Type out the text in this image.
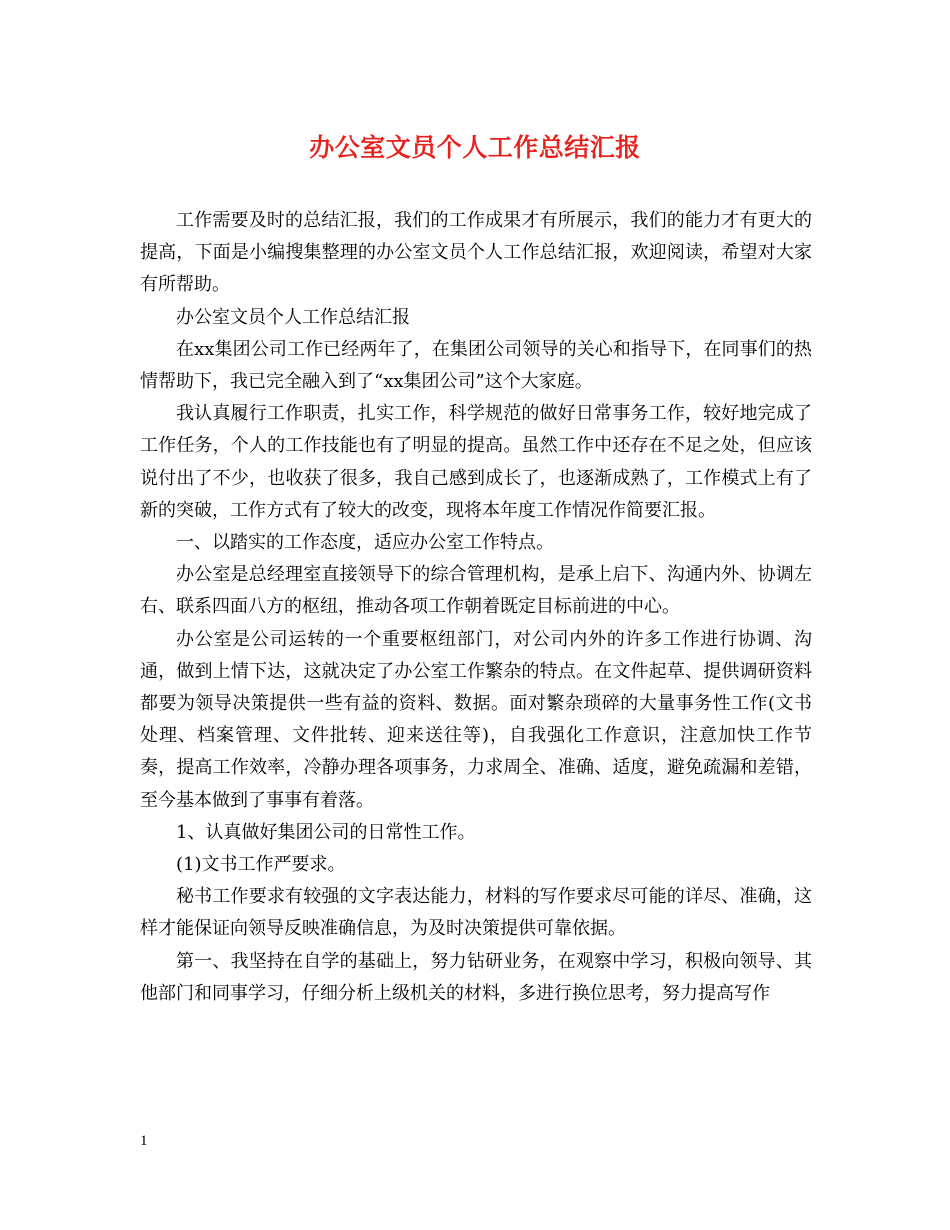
办公室文员个人工作总结汇报

工作需要及时的总结汇报，我们的工作成果才有所展示，我们的能力才有更大的提高，下面是小编搜集整理的办公室文员个人工作总结汇报，欢迎阅读，希望对大家有所帮助。

办公室文员个人工作总结汇报

在xx集团公司工作已经两年了，在集团公司领导的关心和指导下，在同事们的热情帮助下，我已完全融入到了“xx集团公司”这个大家庭。

我认真履行工作职责，扎实工作，科学规范的做好日常事务工作，较好地完成了工作任务，个人的工作技能也有了明显的提高。虽然工作中还存在不足之处，但应该说付出了不少，也收获了很多，我自己感到成长了，也逐渐成熟了，工作模式上有了新的突破，工作方式有了较大的改变，现将本年度工作情况作简要汇报。

一、以踏实的工作态度，适应办公室工作特点。

办公室是总经理室直接领导下的综合管理机构，是承上启下、沟通内外、协调左右、联系四面八方的枢纽，推动各项工作朝着既定目标前进的中心。

办公室是公司运转的一个重要枢纽部门，对公司内外的许多工作进行协调、沟通，做到上情下达，这就决定了办公室工作繁杂的特点。在文件起草、提供调研资料都要为领导决策提供一些有益的资料、数据。面对繁杂琐碎的大量事务性工作(文书处理、档案管理、文件批转、迎来送往等)，自我强化工作意识，注意加快工作节奏，提高工作效率，冷静办理各项事务，力求周全、准确、适度，避免疏漏和差错，至今基本做到了事事有着落。

1、认真做好集团公司的日常性工作。

(1)文书工作严要求。

秘书工作要求有较强的文字表达能力，材料的写作要求尽可能的详尽、准确，这样才能保证向领导反映准确信息，为及时决策提供可靠依据。

第一、我坚持在自学的基础上，努力钻研业务，在观察中学习，积极向领导、其他部门和同事学习，仔细分析上级机关的材料，多进行换位思考，努力提高写作

1
